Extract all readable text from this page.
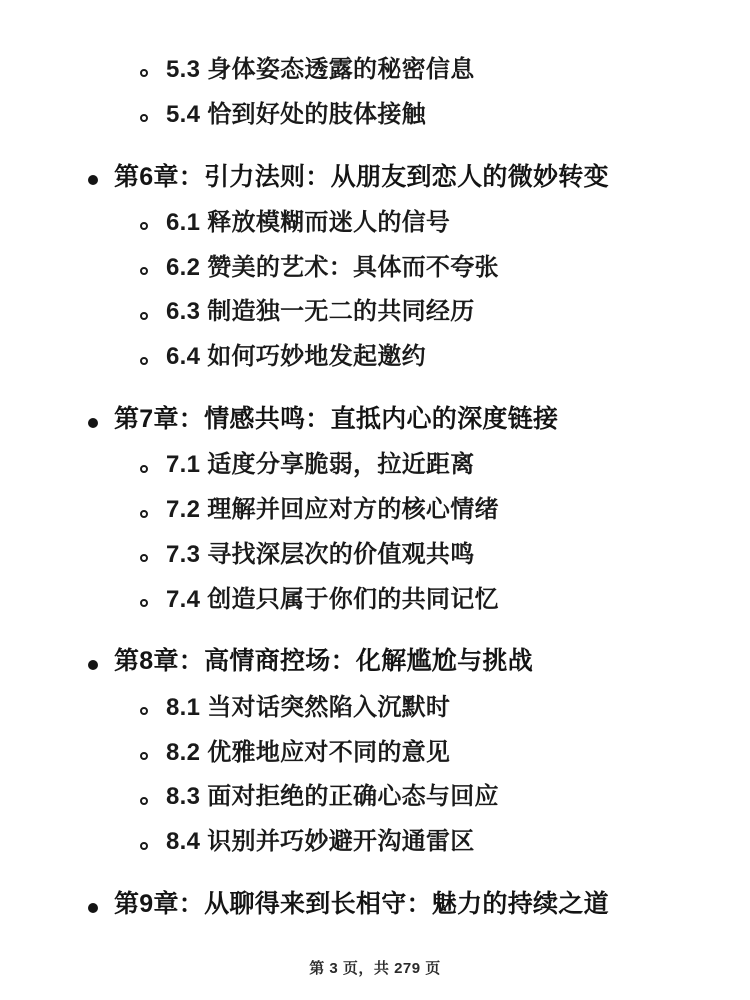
5.3 身体姿态透露的秘密信息
5.4 恰到好处的肢体接触
第6章：引力法则：从朋友到恋人的微妙转变
6.1 释放模糊而迷人的信号
6.2 赞美的艺术：具体而不夸张
6.3 制造独一无二的共同经历
6.4 如何巧妙地发起邀约
第7章：情感共鸣：直抵内心的深度链接
7.1 适度分享脆弱，拉近距离
7.2 理解并回应对方的核心情绪
7.3 寻找深层次的价值观共鸣
7.4 创造只属于你们的共同记忆
第8章：高情商控场：化解尴尬与挑战
8.1 当对话突然陷入沉默时
8.2 优雅地应对不同的意见
8.3 面对拒绝的正确心态与回应
8.4 识别并巧妙避开沟通雷区
第9章：从聊得来到长相守：魅力的持续之道
第 3 页，共 279 页
